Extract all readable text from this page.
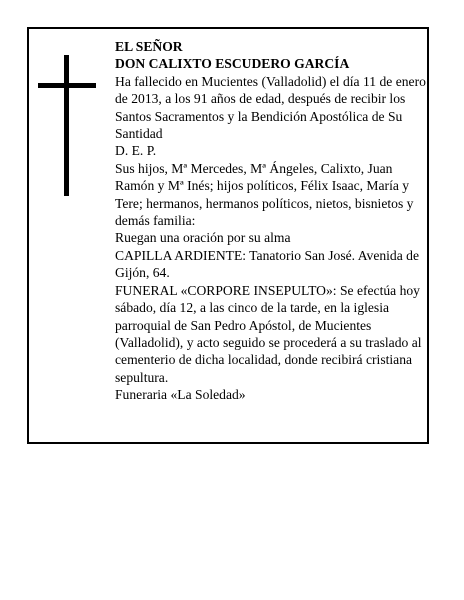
EL SEÑOR

DON CALIXTO ESCUDERO GARCÍA

Ha fallecido en Mucientes (Valladolid) el día 11 de enero de 2013, a los 91 años de edad, después de recibir los Santos Sacramentos y la Bendición Apostólica de Su Santidad

D. E. P.

Sus hijos, Mª Mercedes, Mª Ángeles, Calixto, Juan Ramón y Mª Inés; hijos políticos, Félix Isaac, María y Tere; hermanos, hermanos políticos, nietos, bisnietos y demás familia:

Ruegan una oración por su alma

CAPILLA ARDIENTE: Tanatorio San José. Avenida de Gijón, 64.

FUNERAL «CORPORE INSEPULTO»: Se efectúa hoy sábado, día 12, a las cinco de la tarde, en la iglesia parroquial de San Pedro Apóstol, de Mucientes (Valladolid), y acto seguido se procederá a su traslado al cementerio de dicha localidad, donde recibirá cristiana sepultura.

Funeraria «La Soledad»
